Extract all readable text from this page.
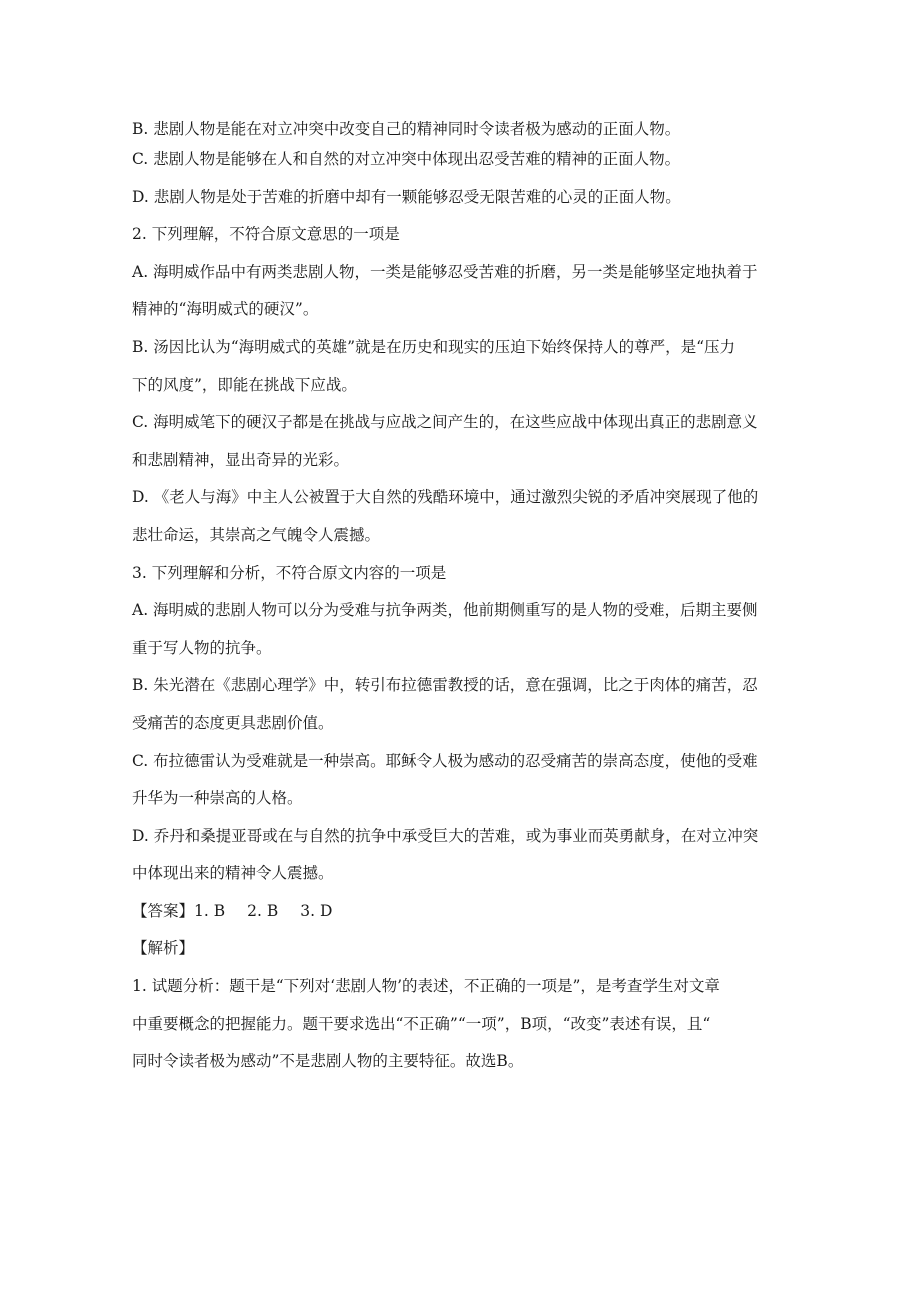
B. 悲剧人物是能在对立冲突中改变自己的精神同时令读者极为感动的正面人物。
C. 悲剧人物是能够在人和自然的对立冲突中体现出忍受苦难的精神的正面人物。
D. 悲剧人物是处于苦难的折磨中却有一颗能够忍受无限苦难的心灵的正面人物。
2. 下列理解，不符合原文意思的一项是
A. 海明威作品中有两类悲剧人物，一类是能够忍受苦难的折磨，另一类是能够坚定地执着于
精神的“海明威式的硬汉”。
B. 汤因比认为“海明威式的英雄”就是在历史和现实的压迫下始终保持人的尊严，是“压力
下的风度”，即能在挑战下应战。
C. 海明威笔下的硬汉子都是在挑战与应战之间产生的，在这些应战中体现出真正的悲剧意义
和悲剧精神，显出奇异的光彩。
D. 《老人与海》中主人公被置于大自然的残酷环境中，通过激烈尖锐的矛盾冲突展现了他的
悲壮命运，其崇高之气魄令人震撼。
3. 下列理解和分析，不符合原文内容的一项是
A. 海明威的悲剧人物可以分为受难与抗争两类，他前期侧重写的是人物的受难，后期主要侧
重于写人物的抗争。
B. 朱光潜在《悲剧心理学》中，转引布拉德雷教授的话，意在强调，比之于肉体的痛苦，忍
受痛苦的态度更具悲剧价值。
C. 布拉德雷认为受难就是一种崇高。耶稣令人极为感动的忍受痛苦的崇高态度，使他的受难
升华为一种崇高的人格。
D. 乔丹和桑提亚哥或在与自然的抗争中承受巨大的苦难，或为事业而英勇献身，在对立冲突
中体现出来的精神令人震撼。
【答案】1. B 2. B 3. D
【解析】
1. 试题分析：题干是“下列对‘悲剧人物’的表述，不正确的一项是”，是考查学生对文章
中重要概念的把握能力。题干要求选出“不正确”“一项”，B项，“改变”表述有误，且“
同时令读者极为感动”不是悲剧人物的主要特征。故选B。
